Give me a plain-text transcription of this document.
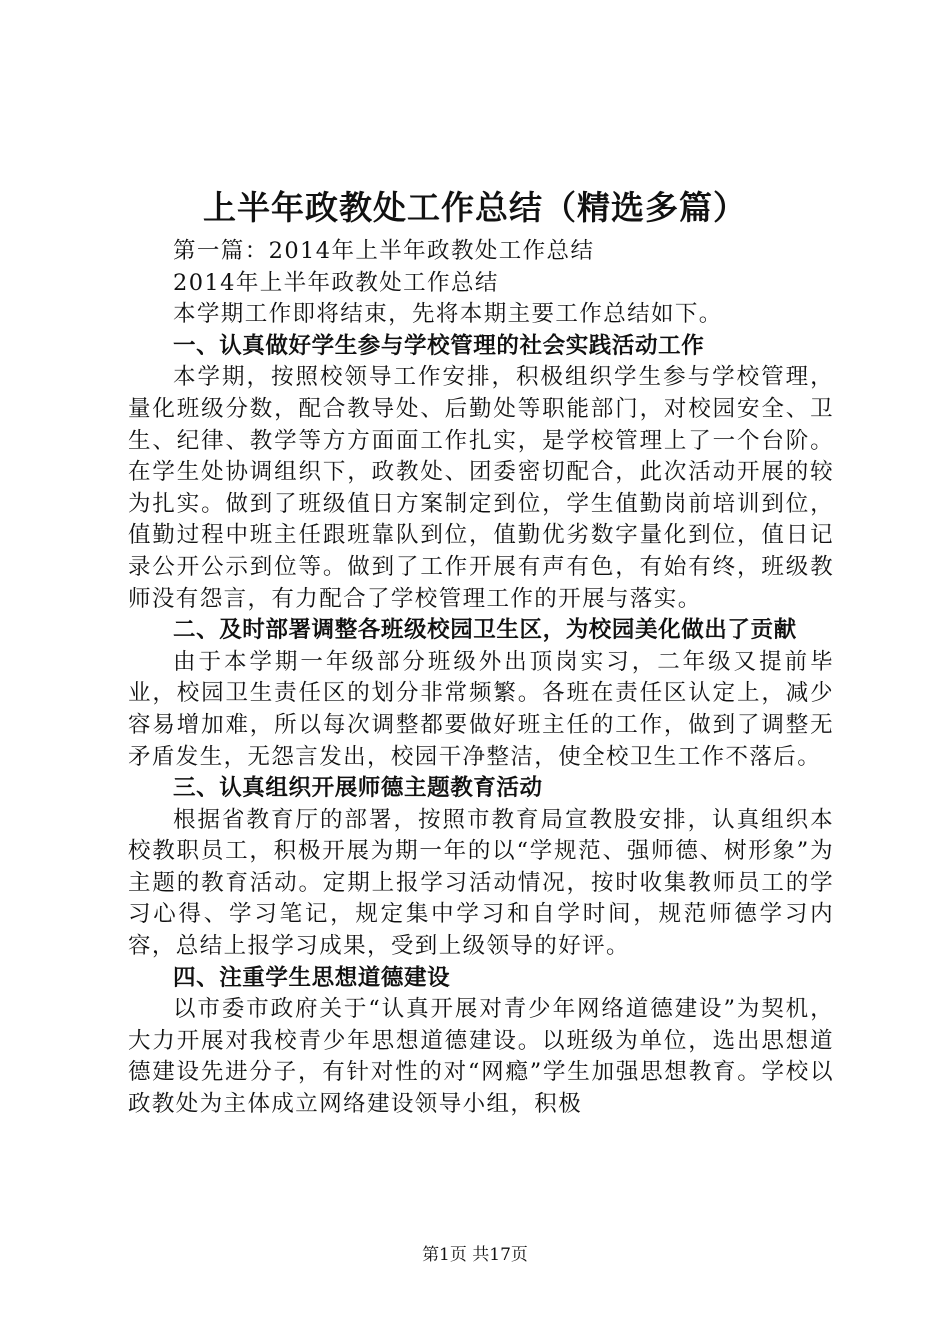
上半年政教处工作总结（精选多篇）

第一篇：2014年上半年政教处工作总结

2014年上半年政教处工作总结

本学期工作即将结束，先将本期主要工作总结如下。

一、认真做好学生参与学校管理的社会实践活动工作

本学期，按照校领导工作安排，积极组织学生参与学校管理，量化班级分数，配合教导处、后勤处等职能部门，对校园安全、卫生、纪律、教学等方方面面工作扎实，是学校管理上了一个台阶。在学生处协调组织下，政教处、团委密切配合，此次活动开展的较为扎实。做到了班级值日方案制定到位，学生值勤岗前培训到位，值勤过程中班主任跟班靠队到位，值勤优劣数字量化到位，值日记录公开公示到位等。做到了工作开展有声有色，有始有终，班级教师没有怨言，有力配合了学校管理工作的开展与落实。

二、及时部署调整各班级校园卫生区，为校园美化做出了贡献

由于本学期一年级部分班级外出顶岗实习，二年级又提前毕业，校园卫生责任区的划分非常频繁。各班在责任区认定上，减少容易增加难，所以每次调整都要做好班主任的工作，做到了调整无矛盾发生，无怨言发出，校园干净整洁，使全校卫生工作不落后。

三、认真组织开展师德主题教育活动

根据省教育厅的部署，按照市教育局宣教股安排，认真组织本校教职员工，积极开展为期一年的以“学规范、强师德、树形象”为主题的教育活动。定期上报学习活动情况，按时收集教师员工的学习心得、学习笔记，规定集中学习和自学时间，规范师德学习内容，总结上报学习成果，受到上级领导的好评。

四、注重学生思想道德建设

以市委市政府关于“认真开展对青少年网络道德建设”为契机，大力开展对我校青少年思想道德建设。以班级为单位，选出思想道德建设先进分子，有针对性的对“网瘾”学生加强思想教育。学校以政教处为主体成立网络建设领导小组，积极

第1页 共17页
